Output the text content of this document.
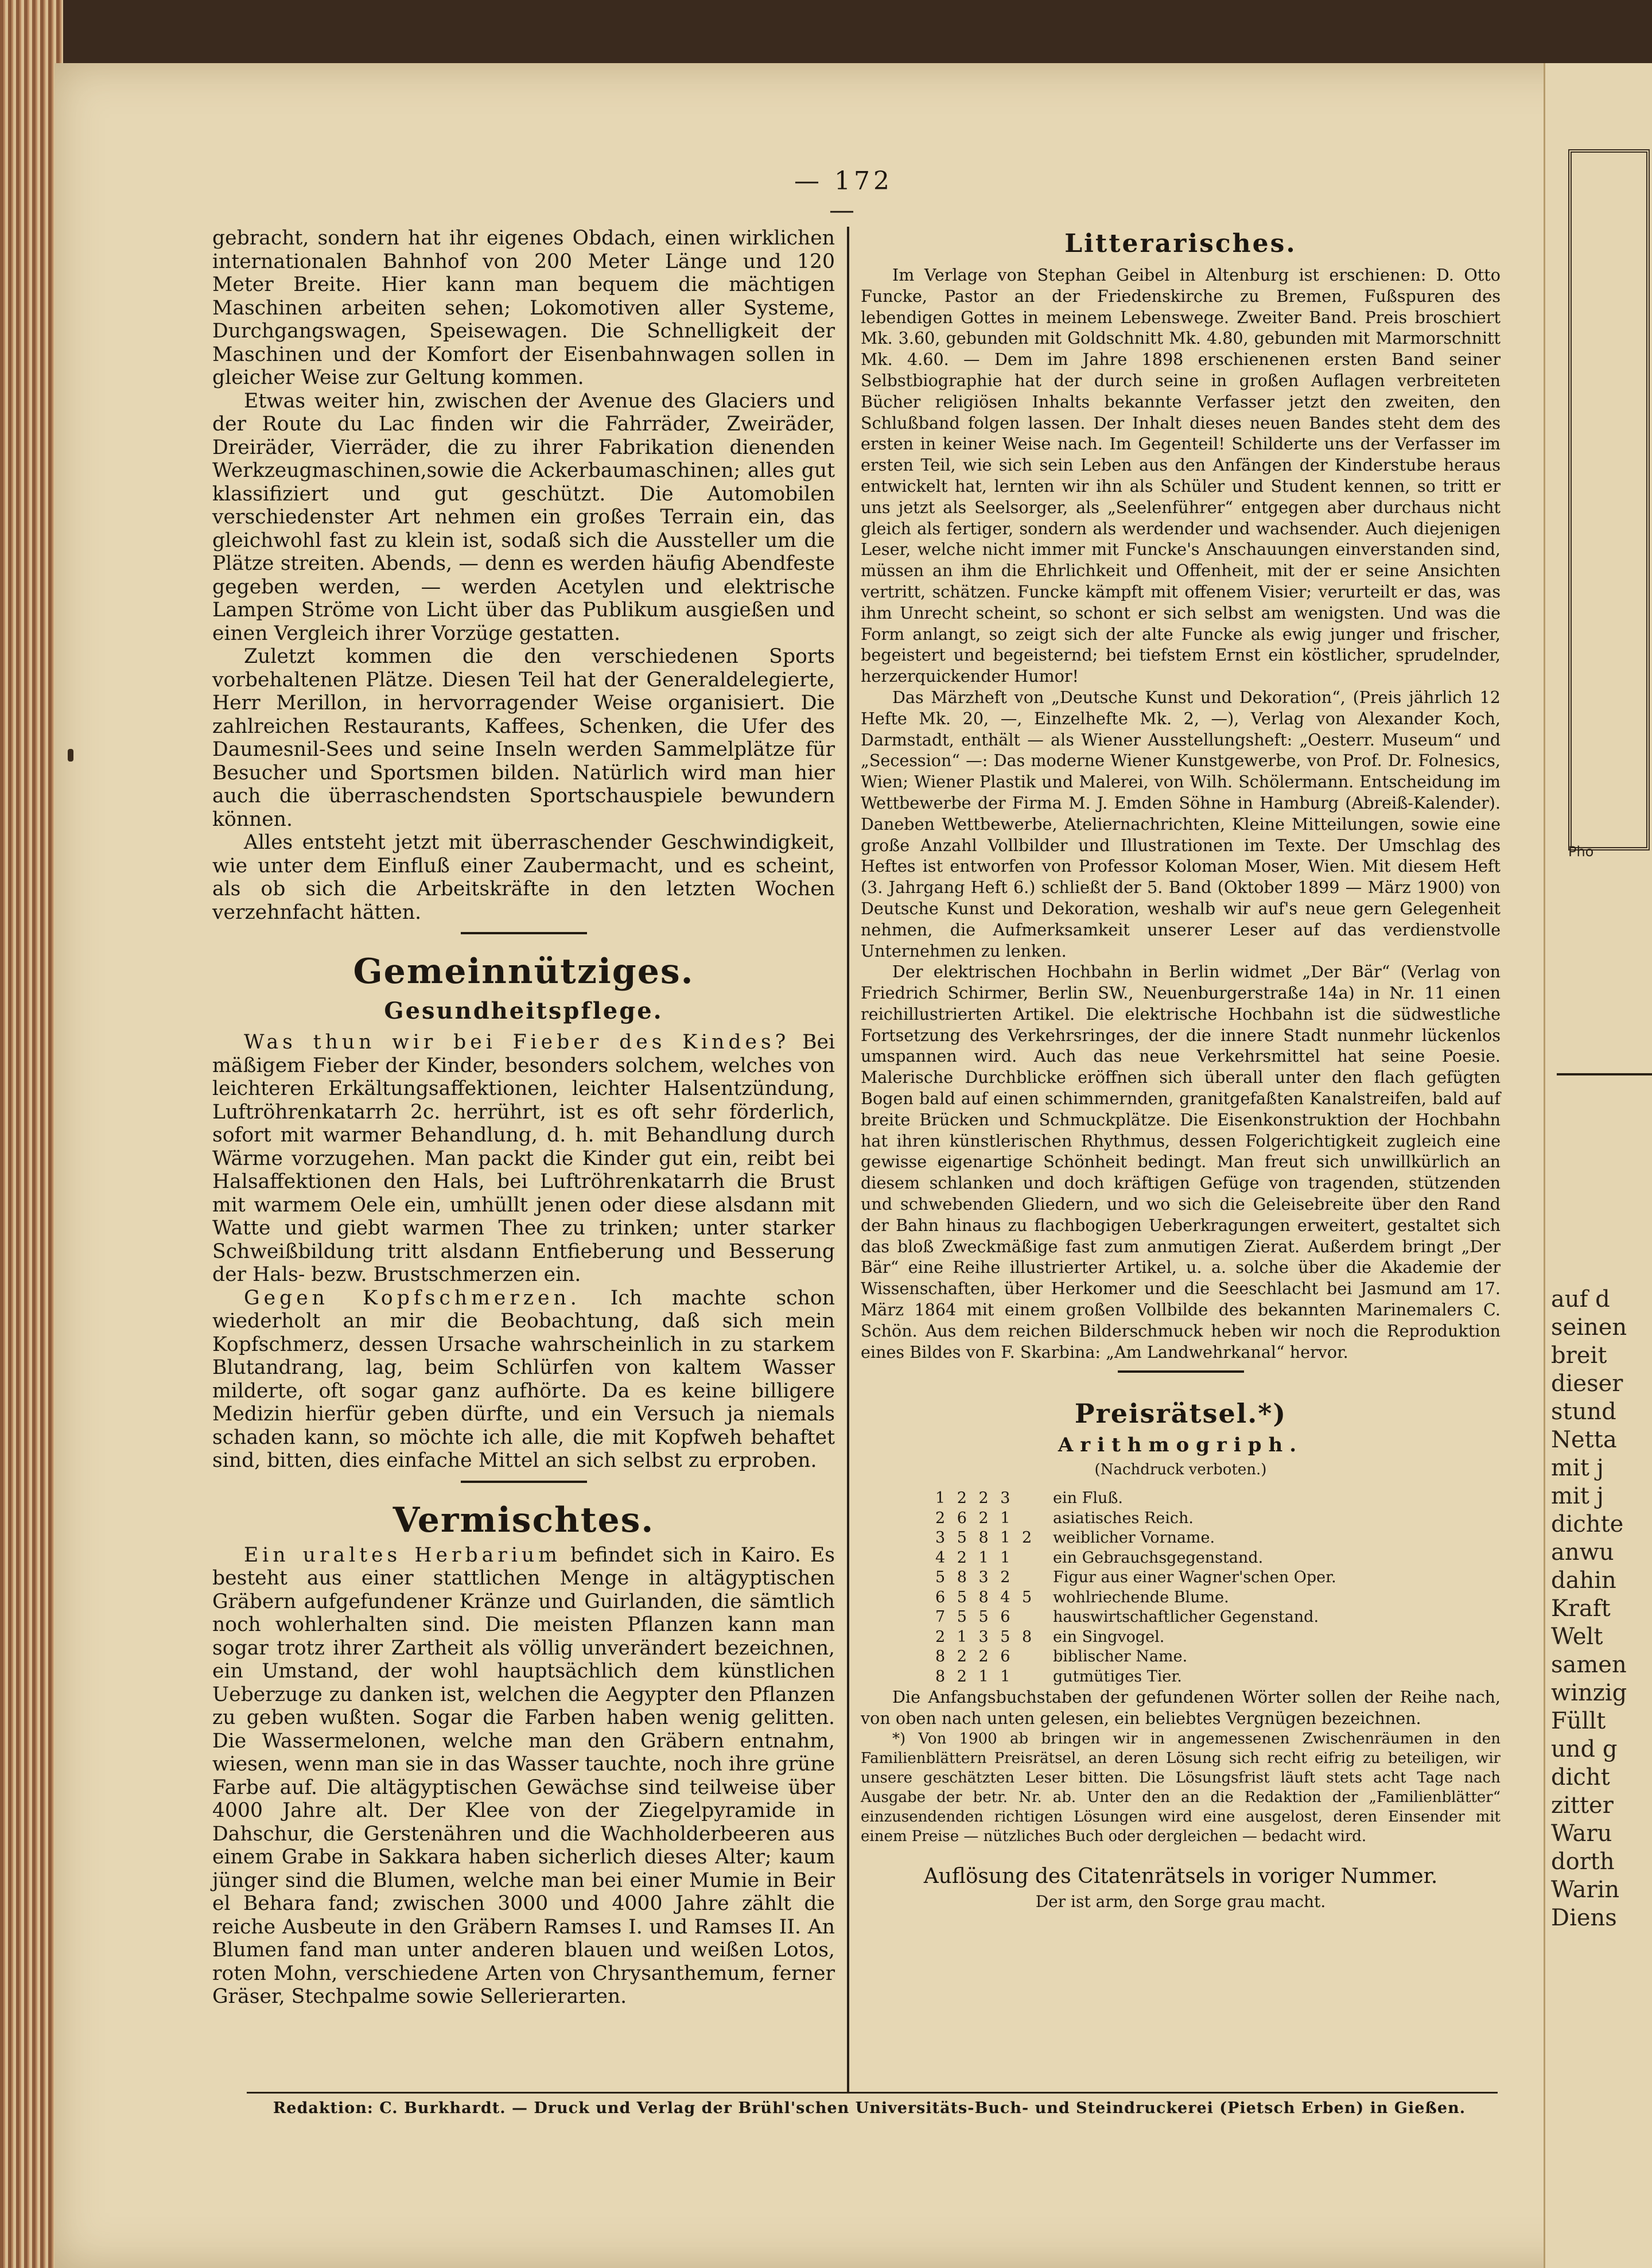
Pho
auf d
seinen
breit
dieser
stund
Netta
mit j
mit j
dichte
anwu
dahin
Kraft
Welt
samen
winzig
Füllt
und g
dicht
zitter
Waru
dorth
Warin
Diens
— 172 —

gebracht, sondern hat ihr eigenes Obdach, einen wirklichen internationalen Bahnhof von 200 Meter Länge und 120 Meter Breite. Hier kann man bequem die mächtigen Maschinen arbeiten sehen; Lokomotiven aller Systeme, Durchgangswagen, Speisewagen. Die Schnelligkeit der Maschinen und der Komfort der Eisenbahnwagen sollen in gleicher Weise zur Geltung kommen.

Etwas weiter hin, zwischen der Avenue des Glaciers und der Route du Lac finden wir die Fahrräder, Zweiräder, Dreiräder, Vierräder, die zu ihrer Fabrikation dienenden Werkzeugmaschinen,sowie die Ackerbaumaschinen; alles gut klassifiziert und gut geschützt. Die Automobilen verschiedenster Art nehmen ein großes Terrain ein, das gleichwohl fast zu klein ist, sodaß sich die Aussteller um die Plätze streiten. Abends, — denn es werden häufig Abendfeste gegeben werden, — werden Acetylen und elektrische Lampen Ströme von Licht über das Publikum ausgießen und einen Vergleich ihrer Vorzüge gestatten.

Zuletzt kommen die den verschiedenen Sports vorbehaltenen Plätze. Diesen Teil hat der Generaldelegierte, Herr Merillon, in hervorragender Weise organisiert. Die zahlreichen Restaurants, Kaffees, Schenken, die Ufer des Daumesnil-Sees und seine Inseln werden Sammelplätze für Besucher und Sportsmen bilden. Natürlich wird man hier auch die überraschendsten Sportschauspiele bewundern können.

Alles entsteht jetzt mit überraschender Geschwindigkeit, wie unter dem Einfluß einer Zaubermacht, und es scheint, als ob sich die Arbeitskräfte in den letzten Wochen verzehnfacht hätten.

Gemeinnütziges.
Gesundheitspflege.

Was thun wir bei Fieber des Kindes? Bei mäßigem Fieber der Kinder, besonders solchem, welches von leichteren Erkältungsaffektionen, leichter Halsentzündung, Luftröhrenkatarrh 2c. herrührt, ist es oft sehr förderlich, sofort mit warmer Behandlung, d. h. mit Behandlung durch Wärme vorzugehen. Man packt die Kinder gut ein, reibt bei Halsaffektionen den Hals, bei Luftröhrenkatarrh die Brust mit warmem Oele ein, umhüllt jenen oder diese alsdann mit Watte und giebt warmen Thee zu trinken; unter starker Schweißbildung tritt alsdann Entfieberung und Besserung der Hals- bezw. Brustschmerzen ein.

Gegen Kopfschmerzen. Ich machte schon wiederholt an mir die Beobachtung, daß sich mein Kopfschmerz, dessen Ursache wahrscheinlich in zu starkem Blutandrang, lag, beim Schlürfen von kaltem Wasser milderte, oft sogar ganz aufhörte. Da es keine billigere Medizin hierfür geben dürfte, und ein Versuch ja niemals schaden kann, so möchte ich alle, die mit Kopfweh behaftet sind, bitten, dies einfache Mittel an sich selbst zu erproben.

Vermischtes.

Ein uraltes Herbarium befindet sich in Kairo. Es besteht aus einer stattlichen Menge in altägyptischen Gräbern aufgefundener Kränze und Guirlanden, die sämtlich noch wohlerhalten sind. Die meisten Pflanzen kann man sogar trotz ihrer Zartheit als völlig unverändert bezeichnen, ein Umstand, der wohl hauptsächlich dem künstlichen Ueberzuge zu danken ist, welchen die Aegypter den Pflanzen zu geben wußten. Sogar die Farben haben wenig gelitten. Die Wassermelonen, welche man den Gräbern entnahm, wiesen, wenn man sie in das Wasser tauchte, noch ihre grüne Farbe auf. Die altägyptischen Gewächse sind teilweise über 4000 Jahre alt. Der Klee von der Ziegelpyramide in Dahschur, die Gerstenähren und die Wachholderbeeren aus einem Grabe in Sakkara haben sicherlich dieses Alter; kaum jünger sind die Blumen, welche man bei einer Mumie in Beir el Behara fand; zwischen 3000 und 4000 Jahre zählt die reiche Ausbeute in den Gräbern Ramses I. und Ramses II. An Blumen fand man unter anderen blauen und weißen Lotos, roten Mohn, verschiedene Arten von Chrysanthemum, ferner Gräser, Stechpalme sowie Sellerierarten.

Litterarisches.

Im Verlage von Stephan Geibel in Altenburg ist erschienen: D. Otto Funcke, Pastor an der Friedenskirche zu Bremen, Fußspuren des lebendigen Gottes in meinem Lebenswege. Zweiter Band. Preis broschiert Mk. 3.60, gebunden mit Goldschnitt Mk. 4.80, gebunden mit Marmorschnitt Mk. 4.60. — Dem im Jahre 1898 erschienenen ersten Band seiner Selbstbiographie hat der durch seine in großen Auflagen verbreiteten Bücher religiösen Inhalts bekannte Verfasser jetzt den zweiten, den Schlußband folgen lassen. Der Inhalt dieses neuen Bandes steht dem des ersten in keiner Weise nach. Im Gegenteil! Schilderte uns der Verfasser im ersten Teil, wie sich sein Leben aus den Anfängen der Kinderstube heraus entwickelt hat, lernten wir ihn als Schüler und Student kennen, so tritt er uns jetzt als Seelsorger, als „Seelenführer“ entgegen aber durchaus nicht gleich als fertiger, sondern als werdender und wachsender. Auch diejenigen Leser, welche nicht immer mit Funcke's Anschauungen einverstanden sind, müssen an ihm die Ehrlichkeit und Offenheit, mit der er seine Ansichten vertritt, schätzen. Funcke kämpft mit offenem Visier; verurteilt er das, was ihm Unrecht scheint, so schont er sich selbst am wenigsten. Und was die Form anlangt, so zeigt sich der alte Funcke als ewig junger und frischer, begeistert und begeisternd; bei tiefstem Ernst ein köstlicher, sprudelnder, herzerquickender Humor!

Das Märzheft von „Deutsche Kunst und Dekoration“, (Preis jährlich 12 Hefte Mk. 20, —, Einzelhefte Mk. 2, —), Verlag von Alexander Koch, Darmstadt, enthält — als Wiener Ausstellungsheft: „Oesterr. Museum“ und „Secession“ —: Das moderne Wiener Kunstgewerbe, von Prof. Dr. Folnesics, Wien; Wiener Plastik und Malerei, von Wilh. Schölermann. Entscheidung im Wettbewerbe der Firma M. J. Emden Söhne in Hamburg (Abreiß-Kalender). Daneben Wettbewerbe, Ateliernachrichten, Kleine Mitteilungen, sowie eine große Anzahl Vollbilder und Illustrationen im Texte. Der Umschlag des Heftes ist entworfen von Professor Koloman Moser, Wien. Mit diesem Heft (3. Jahrgang Heft 6.) schließt der 5. Band (Oktober 1899 — März 1900) von Deutsche Kunst und Dekoration, weshalb wir auf's neue gern Gelegenheit nehmen, die Aufmerksamkeit unserer Leser auf das verdienstvolle Unternehmen zu lenken.

Der elektrischen Hochbahn in Berlin widmet „Der Bär“ (Verlag von Friedrich Schirmer, Berlin SW., Neuenburgerstraße 14a) in Nr. 11 einen reichillustrierten Artikel. Die elektrische Hochbahn ist die südwestliche Fortsetzung des Verkehrsringes, der die innere Stadt nunmehr lückenlos umspannen wird. Auch das neue Verkehrsmittel hat seine Poesie. Malerische Durchblicke eröffnen sich überall unter den flach gefügten Bogen bald auf einen schimmernden, granitgefaßten Kanalstreifen, bald auf breite Brücken und Schmuckplätze. Die Eisenkonstruktion der Hochbahn hat ihren künstlerischen Rhythmus, dessen Folgerichtigkeit zugleich eine gewisse eigenartige Schönheit bedingt. Man freut sich unwillkürlich an diesem schlanken und doch kräftigen Gefüge von tragenden, stützenden und schwebenden Gliedern, und wo sich die Geleisebreite über den Rand der Bahn hinaus zu flachbogigen Ueberkragungen erweitert, gestaltet sich das bloß Zweckmäßige fast zum anmutigen Zierat. Außerdem bringt „Der Bär“ eine Reihe illustrierter Artikel, u. a. solche über die Akademie der Wissenschaften, über Herkomer und die Seeschlacht bei Jasmund am 17. März 1864 mit einem großen Vollbilde des bekannten Marinemalers C. Schön. Aus dem reichen Bilderschmuck heben wir noch die Reproduktion eines Bildes von F. Skarbina: „Am Landwehrkanal“ hervor.

Preisrätsel.*)
Arithmogriph.
(Nachdruck verboten.)
1 2 2 3	ein Fluß.
2 6 2 1	asiatisches Reich.
3 5 8 1 2	weiblicher Vorname.
4 2 1 1	ein Gebrauchsgegenstand.
5 8 3 2	Figur aus einer Wagner'schen Oper.
6 5 8 4 5	wohlriechende Blume.
7 5 5 6	hauswirtschaftlicher Gegenstand.
2 1 3 5 8	ein Singvogel.
8 2 2 6	biblischer Name.
8 2 1 1	gutmütiges Tier.

Die Anfangsbuchstaben der gefundenen Wörter sollen der Reihe nach, von oben nach unten gelesen, ein beliebtes Vergnügen bezeichnen.

*) Von 1900 ab bringen wir in angemessenen Zwischenräumen in den Familienblättern Preisrätsel, an deren Lösung sich recht eifrig zu beteiligen, wir unsere geschätzten Leser bitten. Die Lösungsfrist läuft stets acht Tage nach Ausgabe der betr. Nr. ab. Unter den an die Redaktion der „Familienblätter“ einzusendenden richtigen Lösungen wird eine ausgelost, deren Einsender mit einem Preise — nützliches Buch oder dergleichen — bedacht wird.

Auflösung des Citatenrätsels in voriger Nummer.
Der ist arm, den Sorge grau macht.
Redaktion: C. Burkhardt. — Druck und Verlag der Brühl'schen Universitäts-Buch- und Steindruckerei (Pietsch Erben) in Gießen.
